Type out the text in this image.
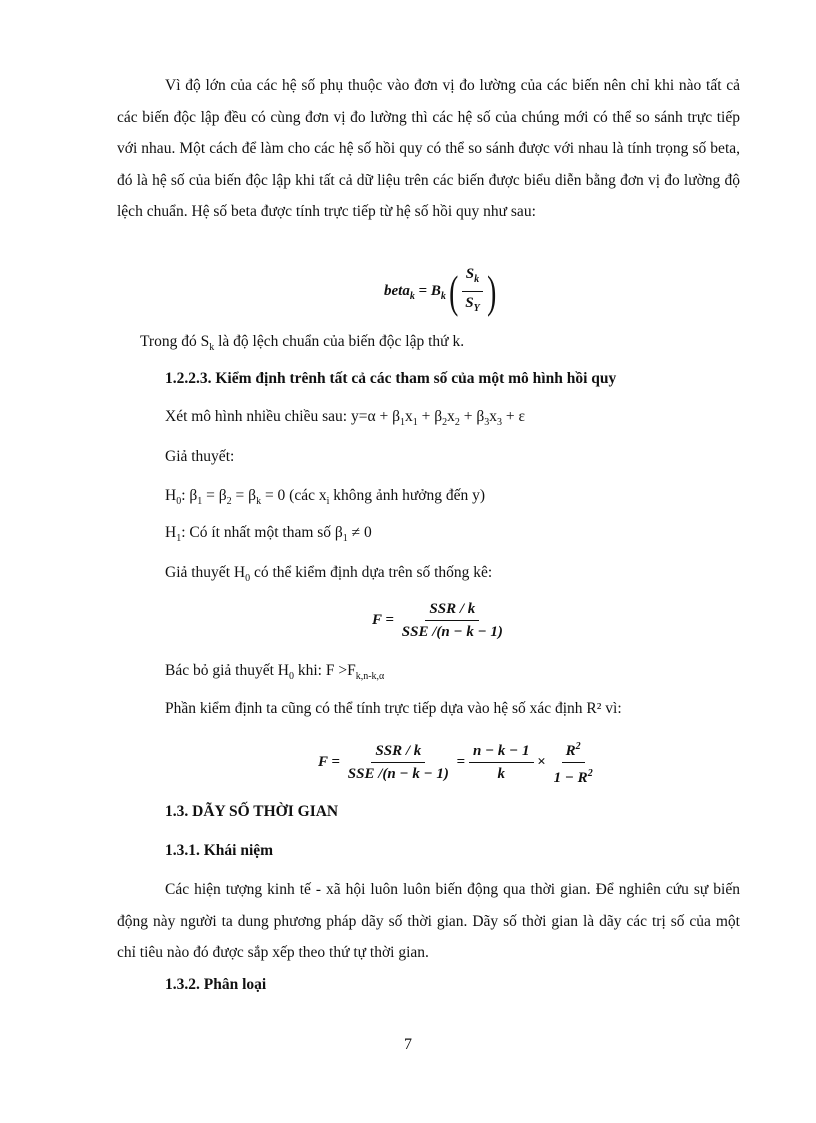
Vì độ lớn của các hệ số phụ thuộc vào đơn vị đo lường của các biến nên chỉ khi nào tất cả các biến độc lập đều có cùng đơn vị đo lường thì các hệ số của chúng mới có thể so sánh trực tiếp với nhau. Một cách để làm cho các hệ số hồi quy có thể so sánh được với nhau là tính trọng số beta, đó là hệ số của biến độc lập khi tất cả dữ liệu trên các biến được biểu diễn bằng đơn vị đo lường độ lệch chuẩn. Hệ số beta được tính trực tiếp từ hệ số hồi quy như sau:

beta$_k$ = $B_k( \frac{S_k}{S_Y}$ )

Trong đó $S_k$ là độ lệch chuẩn của biến độc lập thứ k.

1.2.2.3. Kiểm định trênh tất cả các tham số của một mô hình hồi quy

Xét mô hình nhiều chiều sau: $y=\alpha + \beta_1x_1 + \beta_2x_2 + \beta_3x_3 + \varepsilon$

Giả thuyết:

$H_0$: $\beta_1 = \beta_2 = \beta_k = 0$ (các $x_i$ không ảnh hưởng đến y)

$H_1$: Có ít nhất một tham số $\beta_1 \ne 0$

Giả thuyết $H_0$ có thể kiểm định dựa trên số thống kê:

$F = \frac{\text{SSR / k}}{\text{SSE /(n − k − 1)}}$

Bác bỏ giả thuyết $H_0$ khi: $F >F_{k,n-k,\alpha}$

Phần kiểm định ta cũng có thể tính trực tiếp dựa vào hệ số xác định R² vì:

$F = \frac{\text{SSR / k}}{\text{SSE /(n − k − 1)}} = \frac{n - k - 1}{k} \times \frac{R^2}{1 - R^2}$

1.3. DÃY SỐ THỜI GIAN

1.3.1. Khái niệm

Các hiện tượng kinh tế - xã hội luôn luôn biến động qua thời gian. Để nghiên cứu sự biến động này người ta dung phương pháp dãy số thời gian. Dãy số thời gian là dãy các trị số của một chỉ tiêu nào đó được sắp xếp theo thứ tự thời gian.

1.3.2. Phân loại

7
